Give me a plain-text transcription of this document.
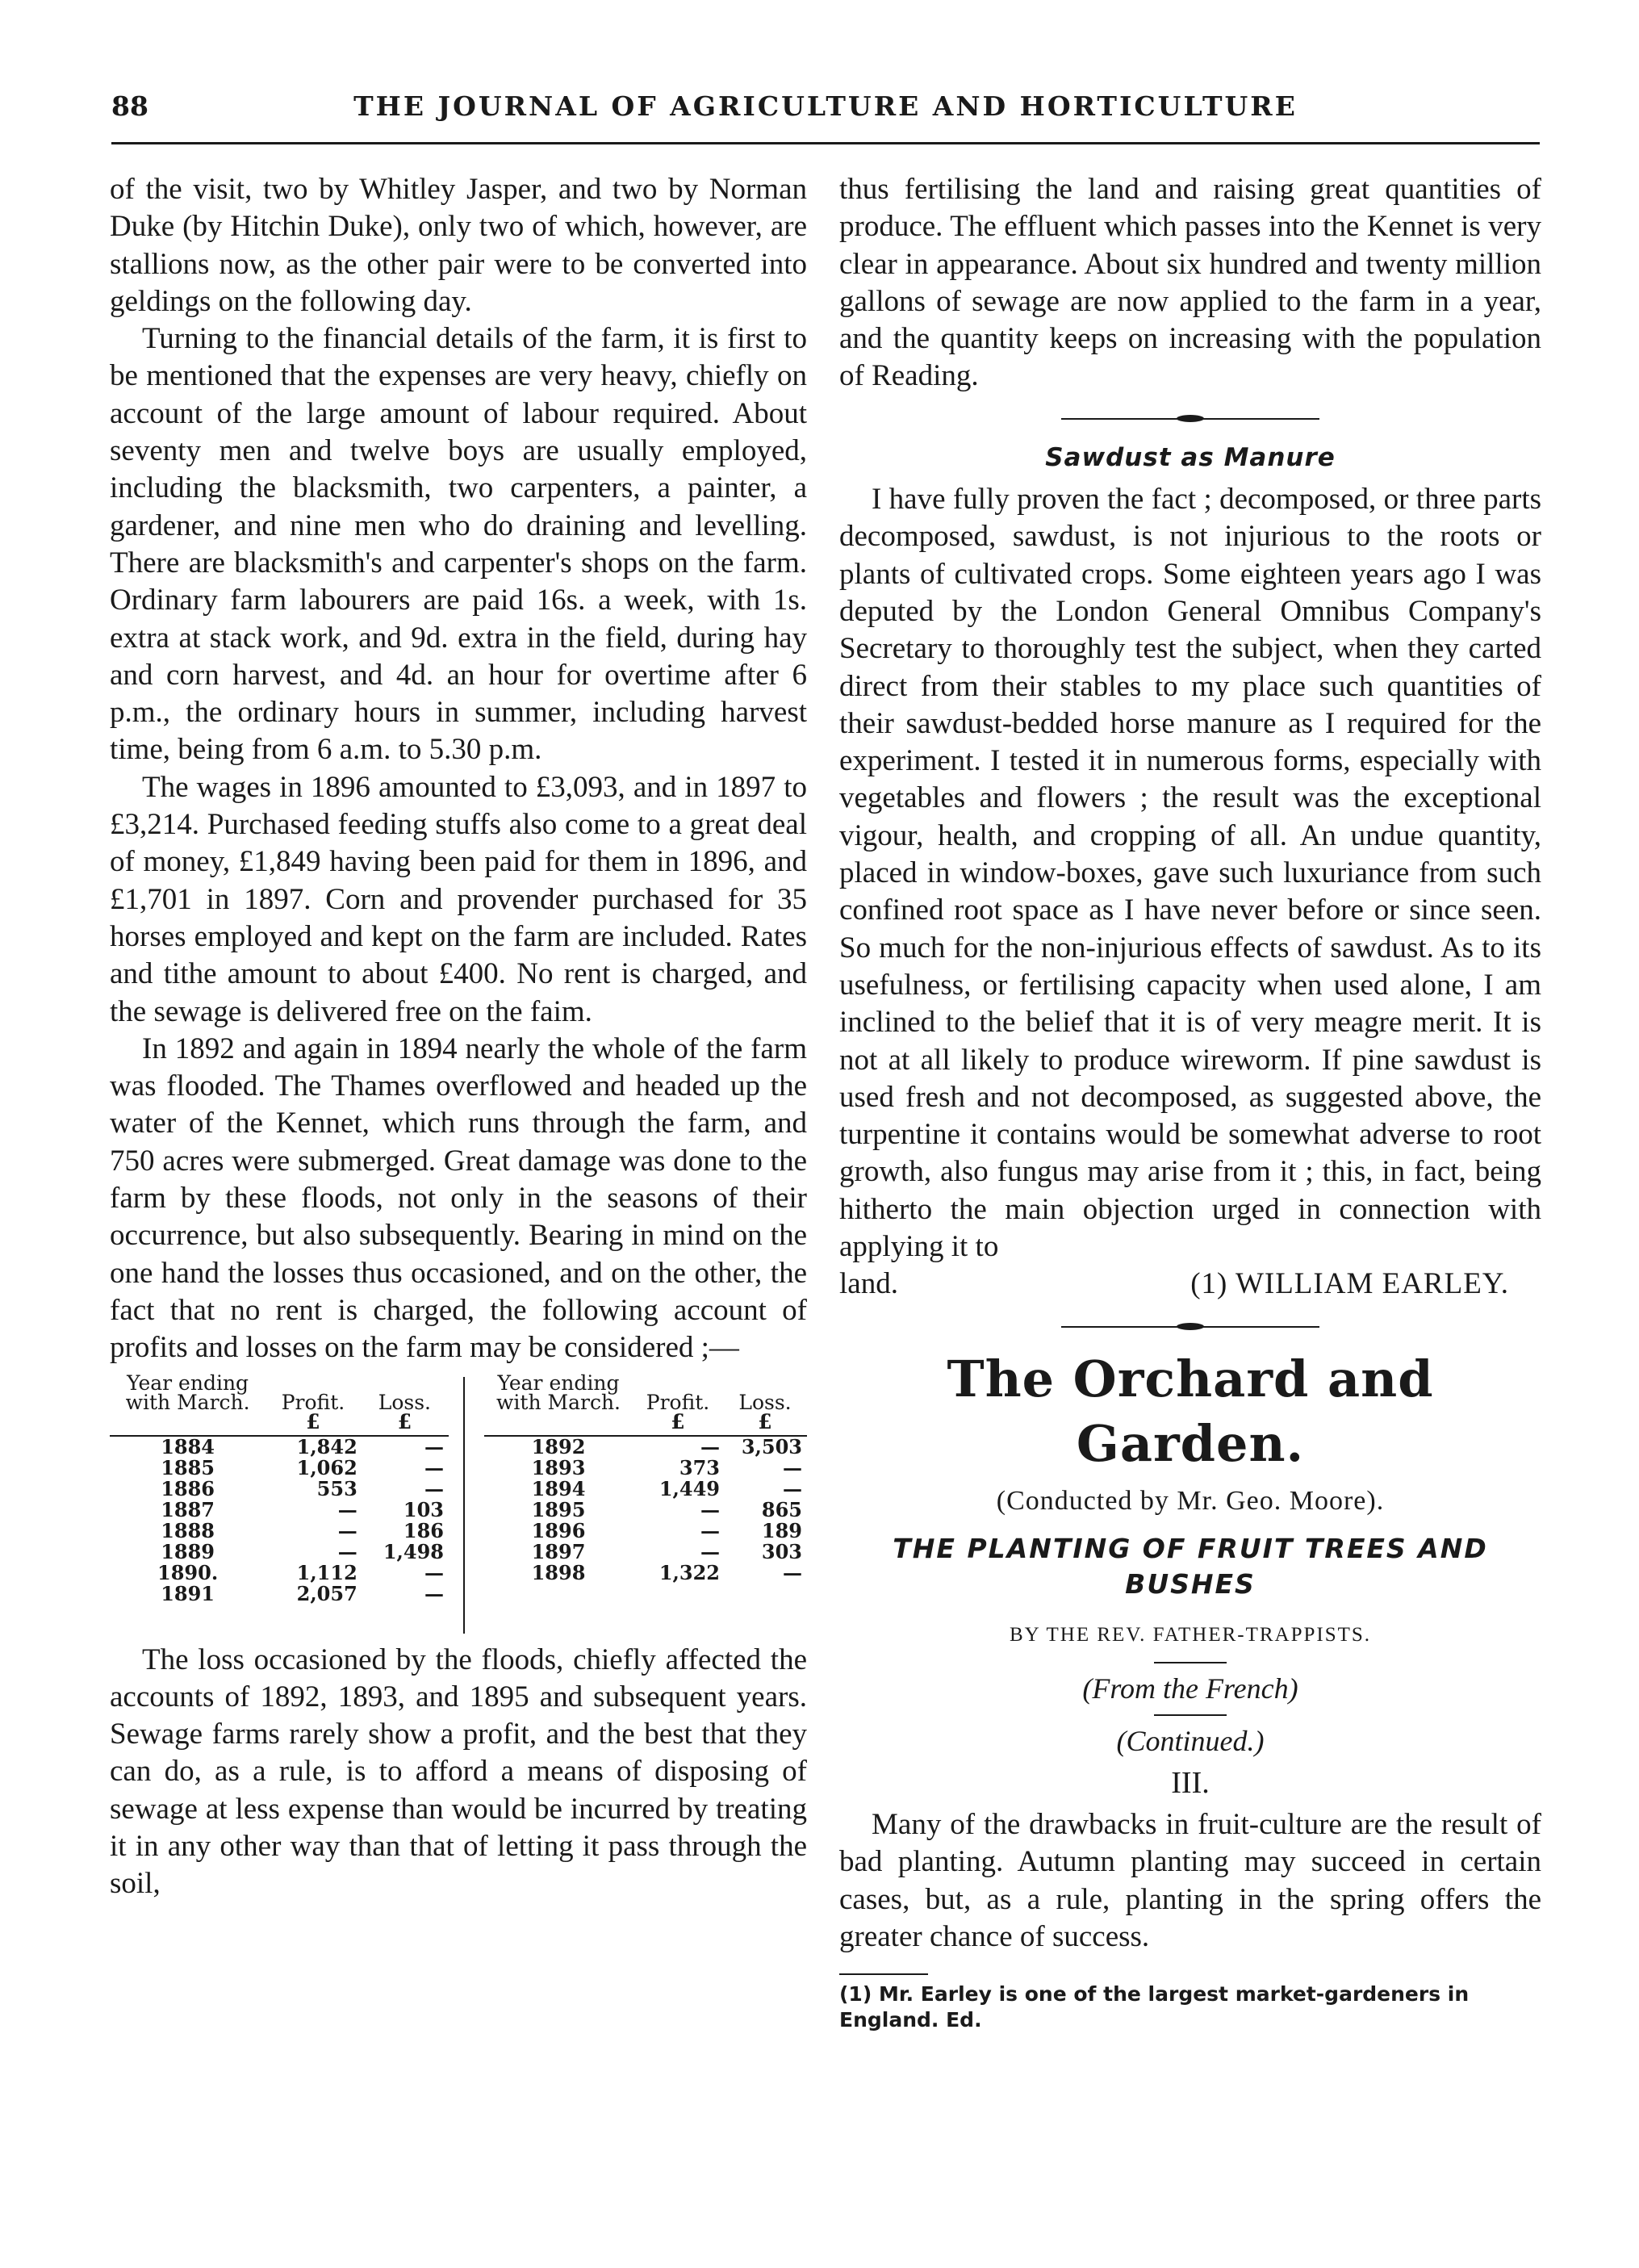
88	THE JOURNAL OF AGRICULTURE AND HORTICULTURE

of the visit, two by Whitley Jasper, and two by Norman Duke (by Hitchin Duke), only two of which, however, are stallions now, as the other pair were to be converted into geldings on the following day.

Turning to the financial details of the farm, it is first to be mentioned that the expenses are very heavy, chiefly on account of the large amount of labour required. About seventy men and twelve boys are usually employed, including the blacksmith, two carpenters, a painter, a gardener, and nine men who do draining and levelling. There are blacksmith's and carpenter's shops on the farm. Ordinary farm labourers are paid 16s. a week, with 1s. extra at stack work, and 9d. extra in the field, during hay and corn harvest, and 4d. an hour for overtime after 6 p.m., the ordinary hours in summer, including harvest time, being from 6 a.m. to 5.30 p.m.

The wages in 1896 amounted to £3,093, and in 1897 to £3,214. Purchased feeding stuffs also come to a great deal of money, £1,849 having been paid for them in 1896, and £1,701 in 1897. Corn and provender purchased for 35 horses employed and kept on the farm are included. Rates and tithe amount to about £400. No rent is charged, and the sewage is delivered free on the faim.

In 1892 and again in 1894 nearly the whole of the farm was flooded. The Thames overflowed and headed up the water of the Kennet, which runs through the farm, and 750 acres were submerged. Great damage was done to the farm by these floods, not only in the seasons of their occurrence, but also subsequently. Bearing in mind on the one hand the losses thus occasioned, and on the other, the fact that no rent is charged, the following account of profits and losses on the farm may be considered ;—

Year ending with March.	Profit.	Loss.
	£	£

1884	1,842	—
1885	1,062	—
1886	553	—
1887	—	103
1888	—	186
1889	—	1,498
1890.	1,112	—
1891	2,057	—
Year ending with March.	Profit.	Loss.
	£	£

1892	—	3,503
1893	373	—
1894	1,449	—
1895	—	865
1896	—	189
1897	—	303
1898	1,322	—

The loss occasioned by the floods, chiefly affected the accounts of 1892, 1893, and 1895 and subsequent years. Sewage farms rarely show a profit, and the best that they can do, as a rule, is to afford a means of disposing of sewage at less expense than would be incurred by treating it in any other way than that of letting it pass through the soil,

thus fertilising the land and raising great quantities of produce. The effluent which passes into the Kennet is very clear in appearance. About six hundred and twenty million gallons of sewage are now applied to the farm in a year, and the quantity keeps on increasing with the population of Reading.

Sawdust as Manure

I have fully proven the fact ; decomposed, or three parts decomposed, sawdust, is not injurious to the roots or plants of cultivated crops. Some eighteen years ago I was deputed by the London General Omnibus Company's Secretary to thoroughly test the subject, when they carted direct from their stables to my place such quantities of their sawdust-bedded horse manure as I required for the experiment. I tested it in numerous forms, especially with vegetables and flowers ; the result was the exceptional vigour, health, and cropping of all. An undue quantity, placed in window-boxes, gave such luxuriance from such confined root space as I have never before or since seen. So much for the non-injurious effects of sawdust. As to its usefulness, or fertilising capacity when used alone, I am inclined to the belief that it is of very meagre merit. It is not at all likely to produce wireworm. If pine sawdust is used fresh and not decomposed, as suggested above, the turpentine it contains would be somewhat adverse to root growth, also fungus may arise from it ; this, in fact, being hitherto the main objection urged in connection with applying it to

land.	(1) WILLIAM EARLEY.
The Orchard and Garden.
(Conducted by Mr. Geo. Moore).
THE PLANTING OF FRUIT TREES AND BUSHES
BY THE REV. FATHER-TRAPPISTS.
(From the French)
(Continued.)
III.

Many of the drawbacks in fruit-culture are the result of bad planting. Autumn planting may succeed in certain cases, but, as a rule, planting in the spring offers the greater chance of success.

(1) Mr. Earley is one of the largest market-gardeners in England. Ed.
